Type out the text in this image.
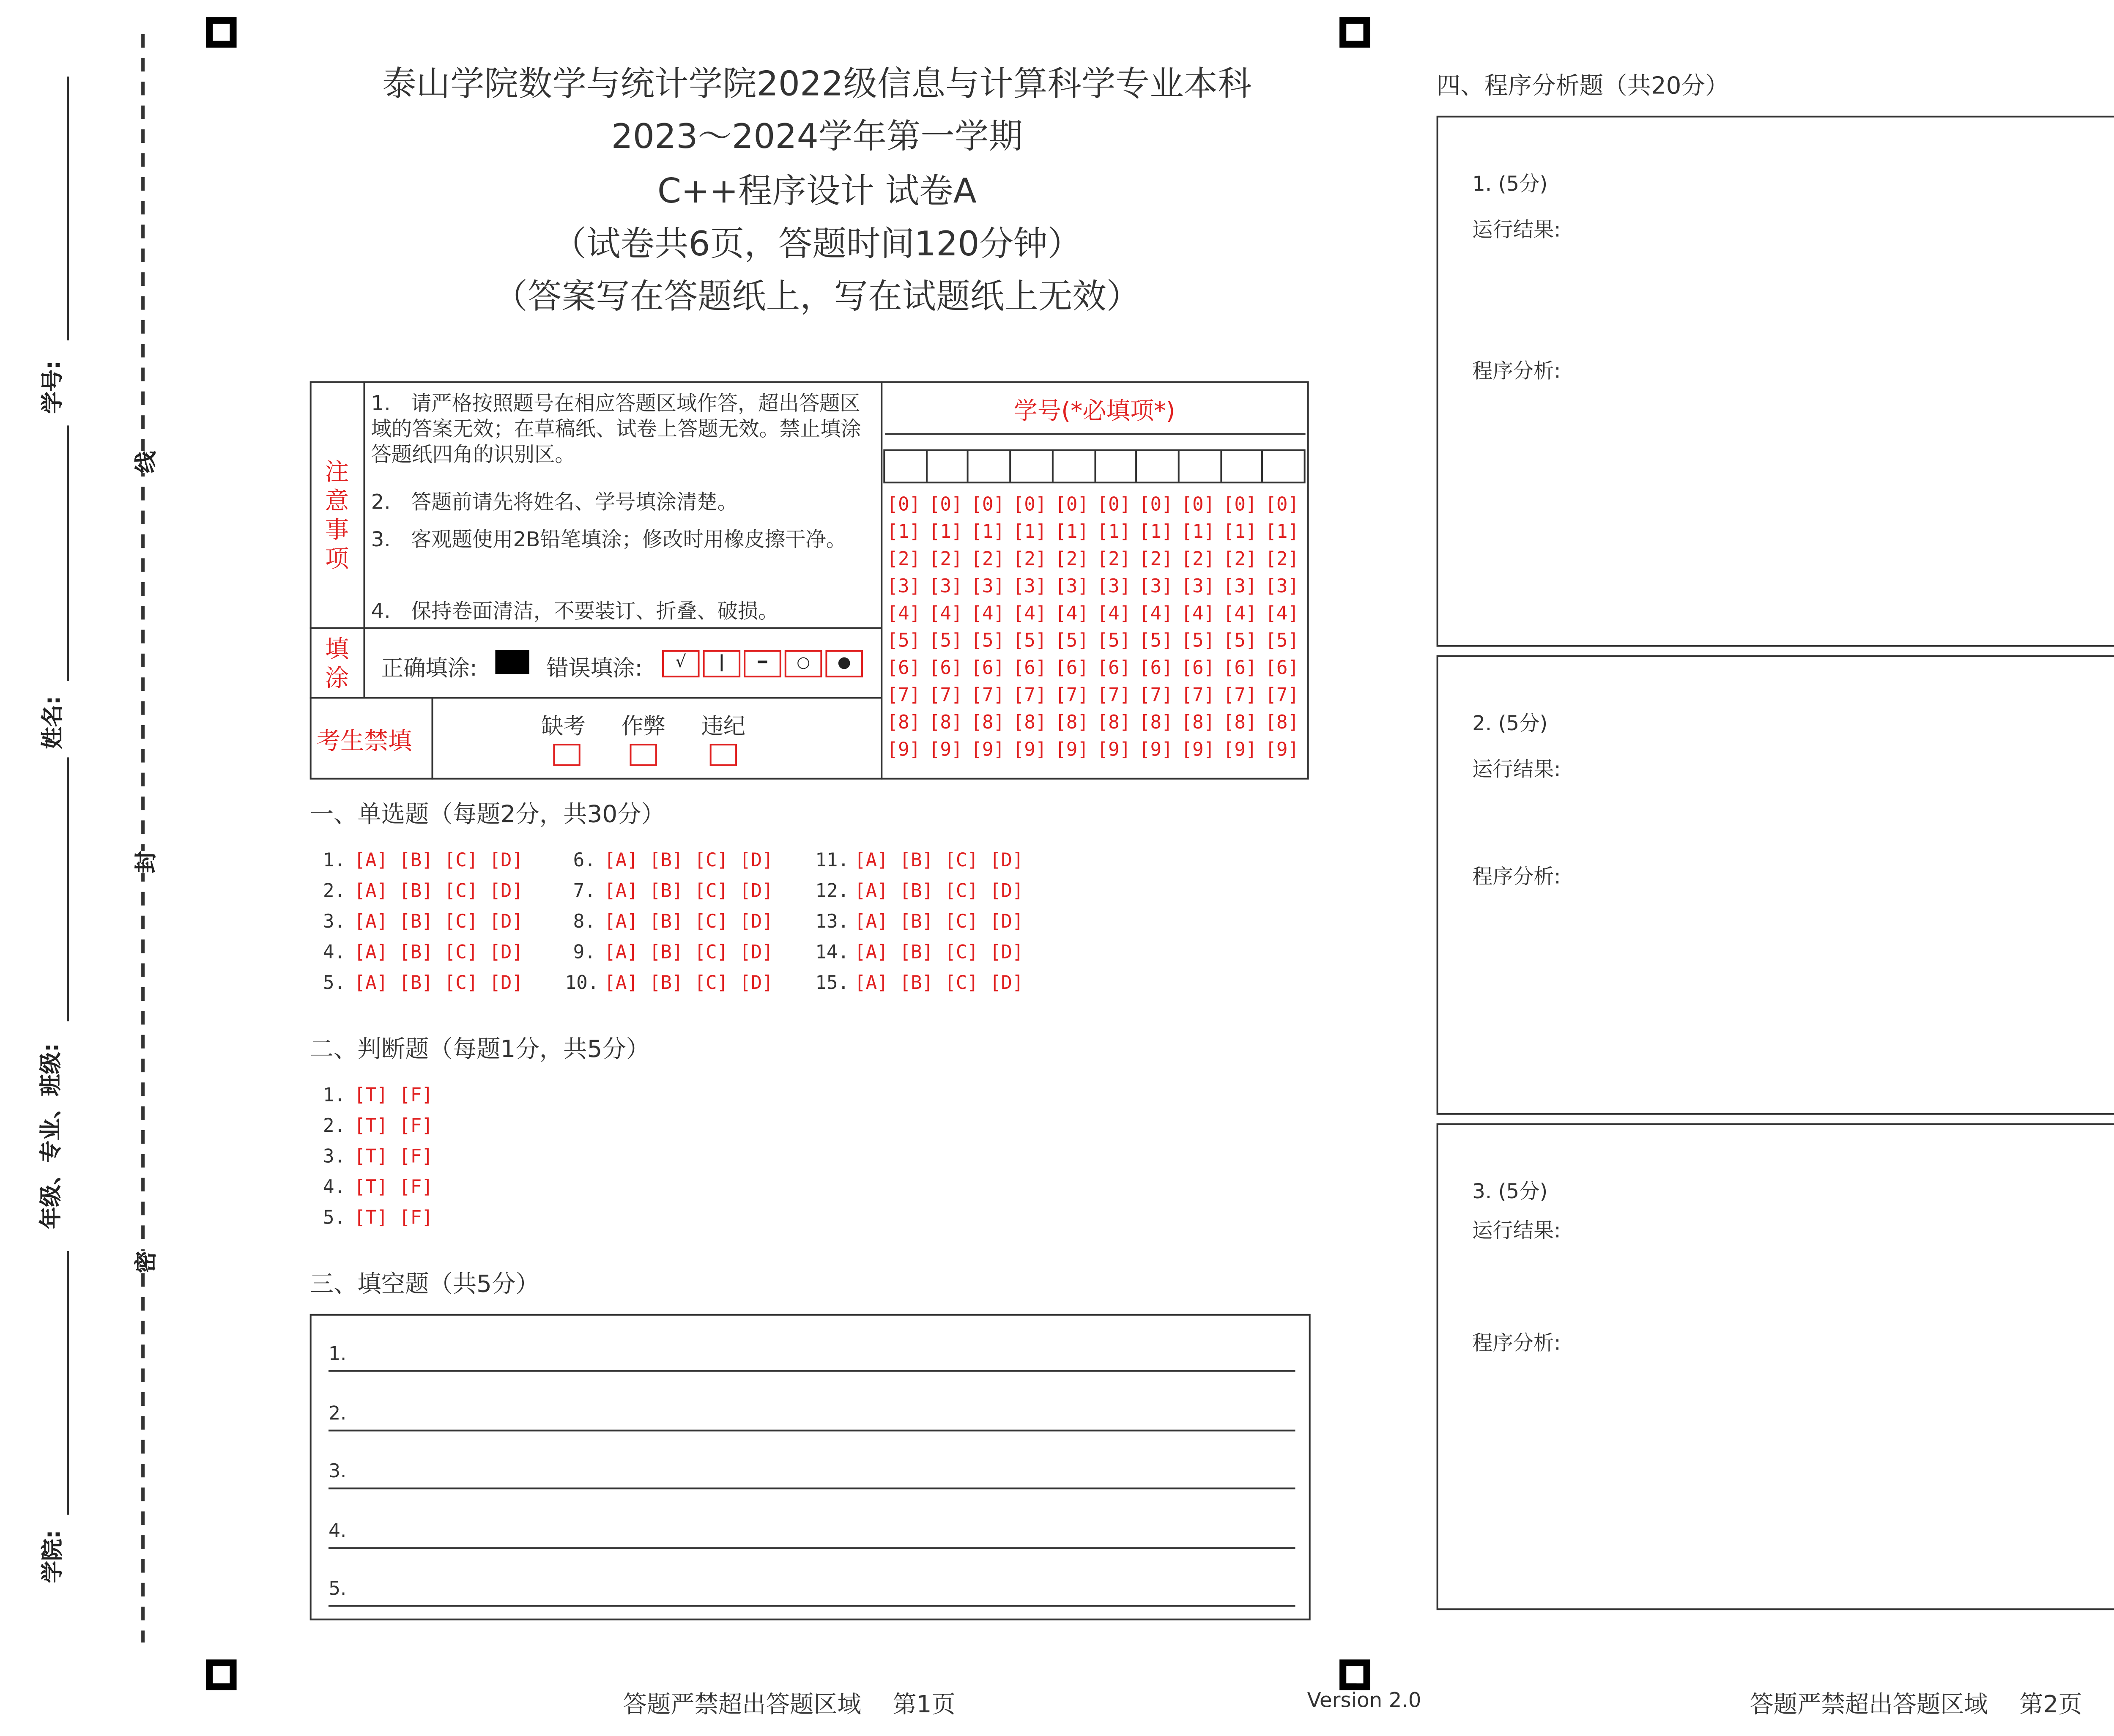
学号:
姓名:
年级、专业、班级:
学院:
线
封
密
泰山学院数学与统计学院2022级信息与计算科学专业本科
2023～2024学年第一学期
C++程序设计 试卷A
（试卷共6页，答题时间120分钟）
（答案写在答题纸上，写在试题纸上无效）
注意事项
1.　请严格按照题号在相应答题区域作答，超出答题区域的答案无效；在草稿纸、试卷上答题无效。禁止填涂答题纸四角的识别区。
2.　答题前请先将姓名、学号填涂清楚。
3.　客观题使用2B铅笔填涂；修改时用橡皮擦干净。
4.　保持卷面清洁，不要装订、折叠、破损。
填涂	正确填涂:	错误填涂:	√	|	━	○	●
考生禁填
缺考	作弊	违纪
学号(*必填项*)
[0] [0] [0] [0] [0] [0] [0] [0] [0] [0]
[1] [1] [1] [1] [1] [1] [1] [1] [1] [1]
[2] [2] [2] [2] [2] [2] [2] [2] [2] [2]
[3] [3] [3] [3] [3] [3] [3] [3] [3] [3]
[4] [4] [4] [4] [4] [4] [4] [4] [4] [4]
[5] [5] [5] [5] [5] [5] [5] [5] [5] [5]
[6] [6] [6] [6] [6] [6] [6] [6] [6] [6]
[7] [7] [7] [7] [7] [7] [7] [7] [7] [7]
[8] [8] [8] [8] [8] [8] [8] [8] [8] [8]
[9] [9] [9] [9] [9] [9] [9] [9] [9] [9]
一、单选题（每题2分，共30分）
1. [A] [B] [C] [D]
2. [A] [B] [C] [D]
3. [A] [B] [C] [D]
4. [A] [B] [C] [D]
5. [A] [B] [C] [D]
6. [A] [B] [C] [D]
7. [A] [B] [C] [D]
8. [A] [B] [C] [D]
9. [A] [B] [C] [D]
10. [A] [B] [C] [D]
11. [A] [B] [C] [D]
12. [A] [B] [C] [D]
13. [A] [B] [C] [D]
14. [A] [B] [C] [D]
15. [A] [B] [C] [D]
二、判断题（每题1分，共5分）
1. [T] [F]
2. [T] [F]
3. [T] [F]
4. [T] [F]
5. [T] [F]
三、填空题（共5分）
1.
2.
3.
4.
5.
四、程序分析题（共20分）
1. (5分)
运行结果:
程序分析:
2. (5分)
运行结果:
程序分析:
3. (5分)
运行结果:
程序分析:
答题严禁超出答题区域　 第1页	Version 2.0	答题严禁超出答题区域　 第2页
